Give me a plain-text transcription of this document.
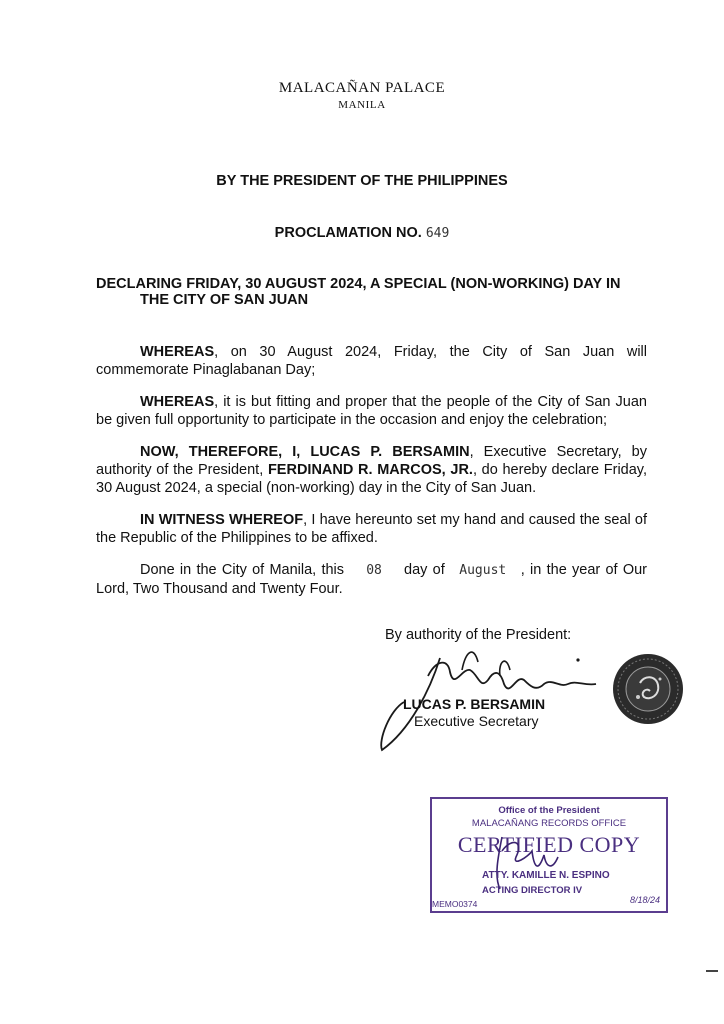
MALACAÑAN PALACE
MANILA
BY THE PRESIDENT OF THE PHILIPPINES
PROCLAMATION NO. 649
DECLARING FRIDAY, 30 AUGUST 2024, A SPECIAL (NON-WORKING) DAY IN
THE CITY OF SAN JUAN
WHEREAS, on 30 August 2024, Friday, the City of San Juan will commemorate Pinaglabanan Day;
WHEREAS, it is but fitting and proper that the people of the City of San Juan be given full opportunity to participate in the occasion and enjoy the celebration;
NOW, THEREFORE, I, LUCAS P. BERSAMIN, Executive Secretary, by authority of the President, FERDINAND R. MARCOS, JR., do hereby declare Friday, 30 August 2024, a special (non-working) day in the City of San Juan.
IN WITNESS WHEREOF, I have hereunto set my hand and caused the seal of the Republic of the Philippines to be affixed.
Done in the City of Manila, this 08 day of August , in the year of Our Lord, Two Thousand and Twenty Four.
By authority of the President:
LUCAS P. BERSAMIN
Executive Secretary
Office of the President
MALACAÑANG RECORDS OFFICE
CERTIFIED COPY
ATTY. KAMILLE N. ESPINO
ACTING DIRECTOR IV
MEMO0374	8/18/24
